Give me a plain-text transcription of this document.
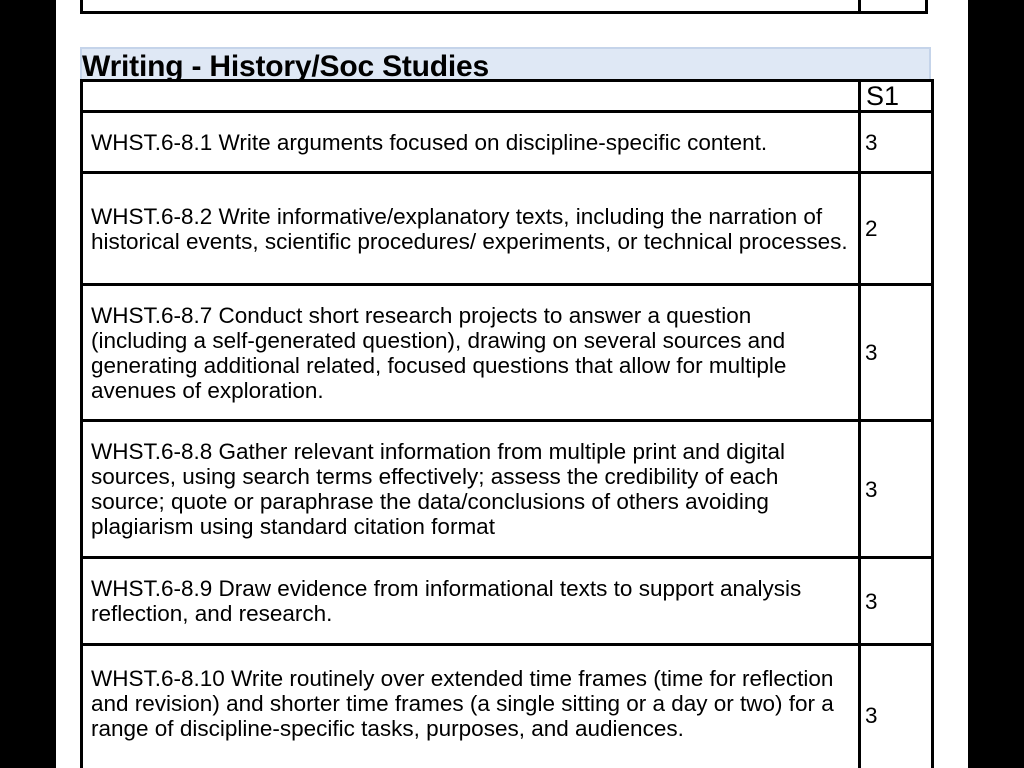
Writing - History/Soc Studies
	S1
WHST.6-8.1 Write arguments focused on discipline-specific content.	3
WHST.6-8.2 Write informative/explanatory texts, including the narration of historical events, scientific procedures/ experiments, or technical processes.	2
WHST.6-8.7 Conduct short research projects to answer a question (including a self-generated question), drawing on several sources and generating additional related, focused questions that allow for multiple avenues of exploration.	3
WHST.6-8.8 Gather relevant information from multiple print and digital sources, using search terms effectively; assess the credibility of each source; quote or paraphrase the data/conclusions of others avoiding plagiarism using standard citation format	3
WHST.6-8.9 Draw evidence from informational texts to support analysis reflection, and research.	3
WHST.6-8.10 Write routinely over extended time frames (time for reflection and revision) and shorter time frames (a single sitting or a day or two) for a range of discipline-specific tasks, purposes, and audiences.	3
